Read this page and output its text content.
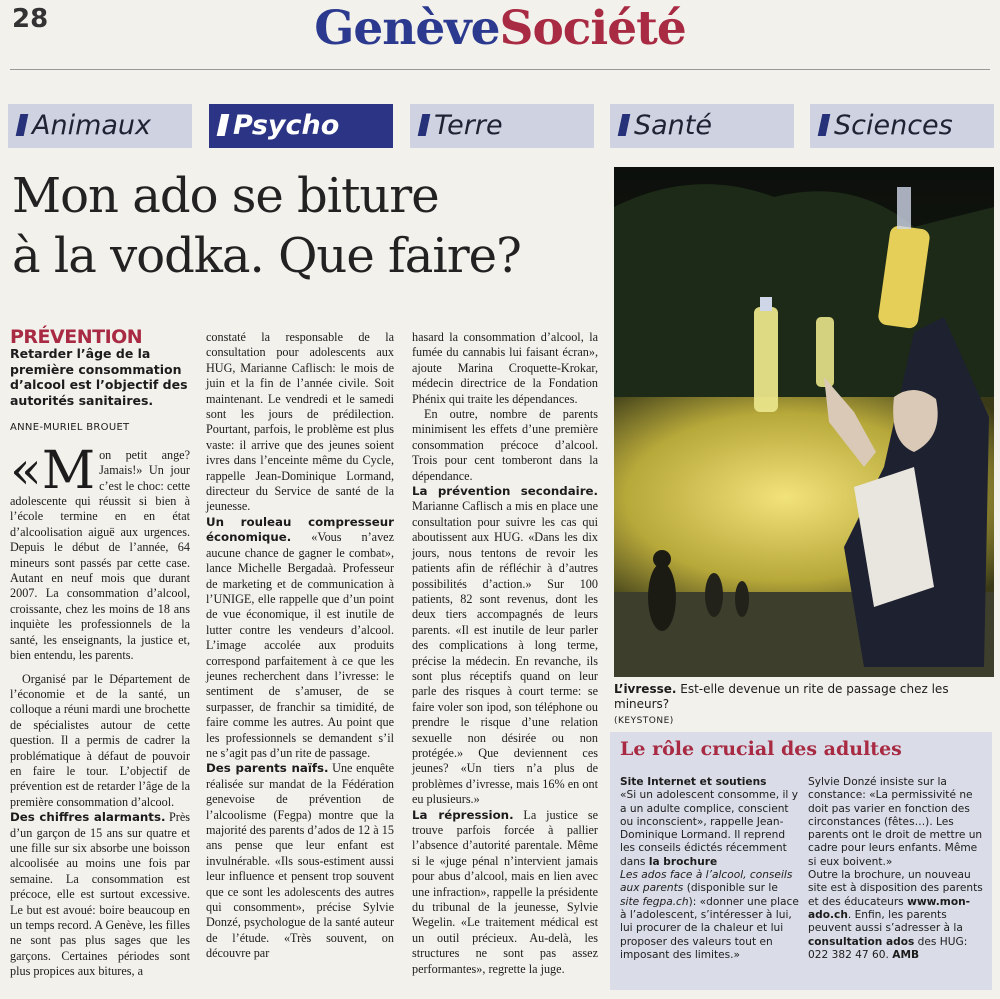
28	GenèveSociété
Animaux	Psycho	Terre	Santé	Sciences
Mon ado se biture
à la vodka. Que faire?
L’ivresse. Est-elle devenue un rite de passage chez les mineurs?
(KEYSTONE)
PRÉVENTION
Retarder l’âge de la première consommation d’alcool est l’objectif des autorités sanitaires.
ANNE-MURIEL BROUET

«Mon petit ange? Jamais!» Un jour c’est le choc: cette adolescente qui réussit si bien à l’école termine en en état d’alcoolisation aiguë aux urgences. Depuis le début de l’année, 64 mineurs sont passés par cette case. Autant en neuf mois que durant 2007. La consommation d’alcool, croissante, chez les moins de 18 ans inquiète les professionnels de la santé, les enseignants, la justice et, bien entendu, les parents.

Organisé par le Département de l’économie et de la santé, un colloque a réuni mardi une brochette de spécialistes autour de cette question. Il a permis de cadrer la problématique à défaut de pouvoir en faire le tour. L’objectif de prévention est de retarder l’âge de la première consommation d’alcool.

Des chiffres alarmants. Près d’un garçon de 15 ans sur quatre et une fille sur six absorbe une boisson alcoolisée au moins une fois par semaine. La consommation est précoce, elle est surtout excessive. Le but est avoué: boire beaucoup en un temps record. A Genève, les filles ne sont pas plus sages que les garçons. Certaines périodes sont plus propices aux bitures, a

constaté la responsable de la consultation pour adolescents aux HUG, Marianne Caflisch: le mois de juin et la fin de l’année civile. Soit maintenant. Le vendredi et le samedi sont les jours de prédilection. Pourtant, parfois, le problème est plus vaste: il arrive que des jeunes soient ivres dans l’enceinte même du Cycle, rappelle Jean-Dominique Lormand, directeur du Service de santé de la jeunesse.

Un rouleau compresseur économique. «Vous n’avez aucune chance de gagner le combat», lance Michelle Bergadaà. Professeur de marketing et de communication à l’UNIGE, elle rappelle que d’un point de vue économique, il est inutile de lutter contre les vendeurs d’alcool. L’image accolée aux produits correspond parfaitement à ce que les jeunes recherchent dans l’ivresse: le sentiment de s’amuser, de se surpasser, de franchir sa timidité, de faire comme les autres. Au point que les professionnels se demandent s’il ne s’agit pas d’un rite de passage.

Des parents naïfs. Une enquête réalisée sur mandat de la Fédération genevoise de prévention de l’alcoolisme (Fegpa) montre que la majorité des parents d’ados de 12 à 15 ans pense que leur enfant est invulnérable. «Ils sous-estiment aussi leur influence et pensent trop souvent que ce sont les adolescents des autres qui consomment», précise Sylvie Donzé, psychologue de la santé auteur de l’étude. «Très souvent, on découvre par

hasard la consommation d’alcool, la fumée du cannabis lui faisant écran», ajoute Marina Croquette-Krokar, médecin directrice de la Fondation Phénix qui traite les dépendances.

En outre, nombre de parents minimisent les effets d’une première consommation précoce d’alcool. Trois pour cent tomberont dans la dépendance.

La prévention secondaire. Marianne Caflisch a mis en place une consultation pour suivre les cas qui aboutissent aux HUG. «Dans les dix jours, nous tentons de revoir les patients afin de réfléchir à d’autres possibilités d’action.» Sur 100 patients, 82 sont revenus, dont les deux tiers accompagnés de leurs parents. «Il est inutile de leur parler des complications à long terme, précise la médecin. En revanche, ils sont plus réceptifs quand on leur parle des risques à court terme: se faire voler son ipod, son téléphone ou prendre le risque d’une relation sexuelle non désirée ou non protégée.» Que deviennent ces jeunes? «Un tiers n’a plus de problèmes d’ivresse, mais 16% en ont eu plusieurs.»

La répression. La justice se trouve parfois forcée à pallier l’absence d’autorité parentale. Même si le «juge pénal n’intervient jamais pour abus d’alcool, mais en lien avec une infraction», rappelle la présidente du tribunal de la jeunesse, Sylvie Wegelin. «Le traitement médical est un outil précieux. Au-delà, les structures ne sont pas assez performantes», regrette la juge.

Le rôle crucial des adultes
Site Internet et soutiens
«Si un adolescent consomme, il y a un adulte complice, conscient ou inconscient», rappelle Jean-Dominique Lormand. Il reprend les conseils édictés récemment dans la brochure
Les ados face à l’alcool, conseils aux parents (disponible sur le site fegpa.ch): «donner une place à l’adolescent, s’intéresser à lui, lui procurer de la chaleur et lui proposer des valeurs tout en imposant des limites.»
Sylvie Donzé insiste sur la constance: «La permissivité ne doit pas varier en fonction des circonstances (fêtes…). Les parents ont le droit de mettre un cadre pour leurs enfants. Même si eux boivent.»
Outre la brochure, un nouveau site est à disposition des parents et des éducateurs www.mon-ado.ch. Enfin, les parents peuvent aussi s’adresser à la consultation ados des HUG: 022 382 47 60. AMB
